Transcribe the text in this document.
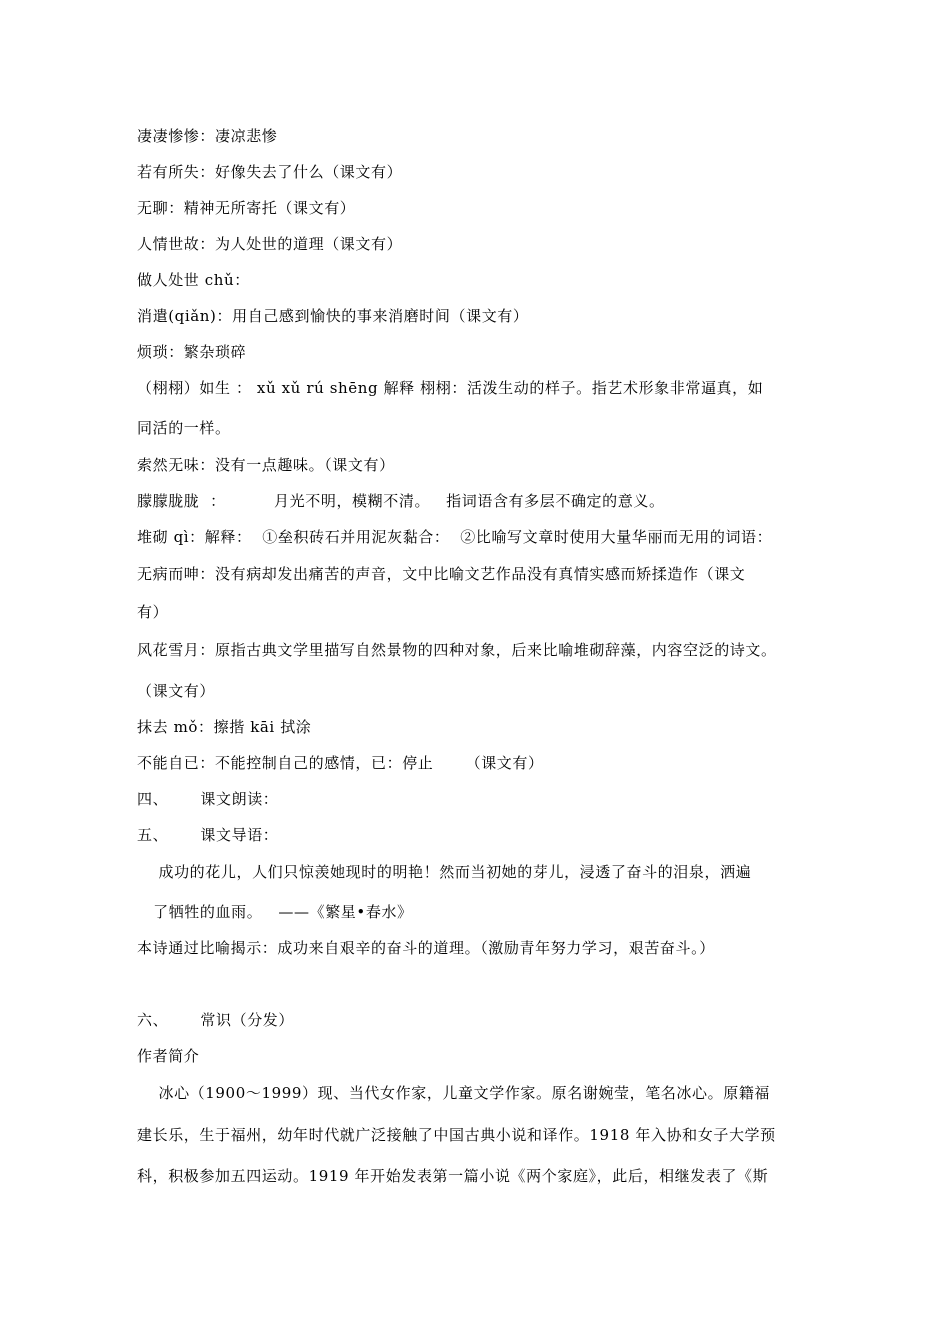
凄凄惨惨：凄凉悲惨
若有所失：好像失去了什么（课文有）
无聊：精神无所寄托（课文有）
人情世故：为人处世的道理（课文有）
做人处世 chǔ：
消遣(qiǎn)：用自己感到愉快的事来消磨时间（课文有）
烦琐：繁杂琐碎
（栩栩）如生 ： xǔ xǔ rú shēng 解释 栩栩：活泼生动的样子。指艺术形象非常逼真，如
同活的一样。
索然无味：没有一点趣味。（课文有）
朦朦胧胧  ：         月光不明，模糊不清。   指词语含有多层不确定的意义。
堆砌 qì：解释：  ①垒积砖石并用泥灰黏合：  ②比喻写文章时使用大量华丽而无用的词语：
无病而呻：没有病却发出痛苦的声音，文中比喻文艺作品没有真情实感而矫揉造作（课文
有）
风花雪月：原指古典文学里描写自然景物的四种对象，后来比喻堆砌辞藻，内容空泛的诗文。
（课文有）
抹去 mǒ：擦揩 kāi 拭涂
不能自已：不能控制自己的感情，已：停止      （课文有）
四、      课文朗读：
五、      课文导语：
成功的花儿，人们只惊羡她现时的明艳！然而当初她的芽儿，浸透了奋斗的泪泉，洒遍
了牺牲的血雨。   ——《繁星•春水》
本诗通过比喻揭示：成功来自艰辛的奋斗的道理。（激励青年努力学习，艰苦奋斗。）
六、      常识（分发）
作者简介
冰心（1900～1999）现、当代女作家，儿童文学作家。原名谢婉莹，笔名冰心。原籍福
建长乐，生于福州，幼年时代就广泛接触了中国古典小说和译作。1918 年入协和女子大学预
科，积极参加五四运动。1919 年开始发表第一篇小说《两个家庭》，此后，相继发表了《斯
